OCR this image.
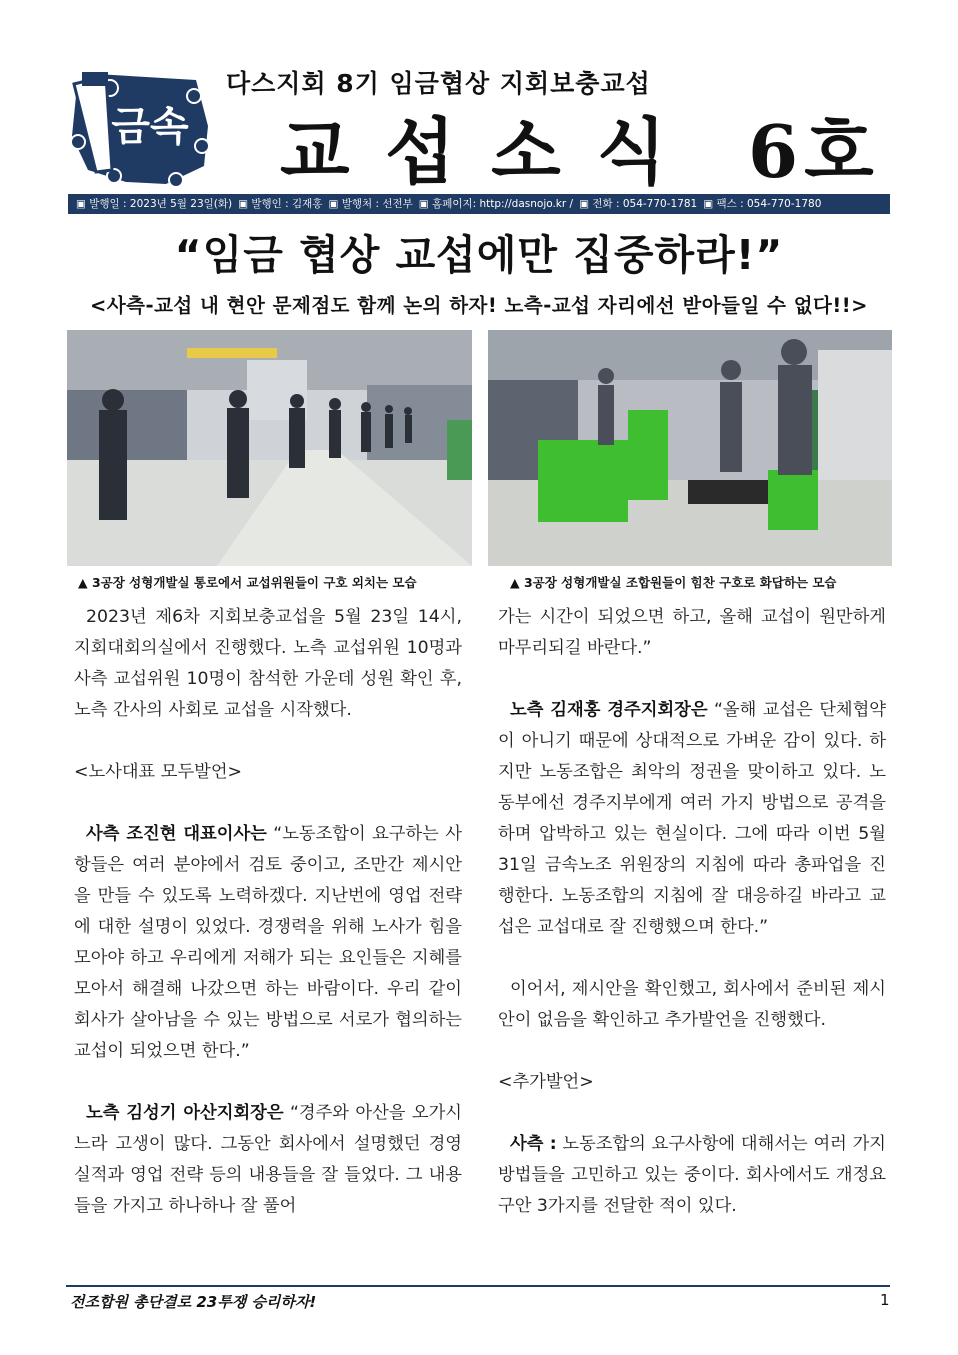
금속
다스지회 8기 임금협상 지회보충교섭
교섭소식 6호
▣ 발행일 : 2023년 5월 23일(화) ▣ 발행인 : 김재홍 ▣ 발행처 : 선전부 ▣ 홈페이지: http://dasnojo.kr / ▣ 전화 : 054-770-1781 ▣ 팩스 : 054-770-1780
“임금 협상 교섭에만 집중하라!”
<사측-교섭 내 현안 문제점도 함께 논의 하자! 노측-교섭 자리에선 받아들일 수 없다!!>
▲ 3공장 성형개발실 통로에서 교섭위원들이 구호 외치는 모습	▲ 3공장 성형개발실 조합원들이 힘찬 구호로 화답하는 모습

2023년 제6차 지회보충교섭을 5월 23일 14시, 지회대회의실에서 진행했다. 노측 교섭위원 10명과 사측 교섭위원 10명이 참석한 가운데 성원 확인 후, 노측 간사의 사회로 교섭을 시작했다.

<노사대표 모두발언>

사측 조진현 대표이사는 “노동조합이 요구하는 사항들은 여러 분야에서 검토 중이고, 조만간 제시안을 만들 수 있도록 노력하겠다. 지난번에 영업 전략에 대한 설명이 있었다. 경쟁력을 위해 노사가 힘을 모아야 하고 우리에게 저해가 되는 요인들은 지혜를 모아서 해결해 나갔으면 하는 바람이다. 우리 같이 회사가 살아남을 수 있는 방법으로 서로가 협의하는 교섭이 되었으면 한다.”

노측 김성기 아산지회장은 “경주와 아산을 오가시느라 고생이 많다. 그동안 회사에서 설명했던 경영실적과 영업 전략 등의 내용들을 잘 들었다. 그 내용들을 가지고 하나하나 잘 풀어

가는 시간이 되었으면 하고, 올해 교섭이 원만하게 마무리되길 바란다.”

노측 김재홍 경주지회장은 “올해 교섭은 단체협약이 아니기 때문에 상대적으로 가벼운 감이 있다. 하지만 노동조합은 최악의 정권을 맞이하고 있다. 노동부에선 경주지부에게 여러 가지 방법으로 공격을 하며 압박하고 있는 현실이다. 그에 따라 이번 5월 31일 금속노조 위원장의 지침에 따라 총파업을 진행한다. 노동조합의 지침에 잘 대응하길 바라고 교섭은 교섭대로 잘 진행했으며 한다.”

이어서, 제시안을 확인했고, 회사에서 준비된 제시안이 없음을 확인하고 추가발언을 진행했다.

<추가발언>

사측 : 노동조합의 요구사항에 대해서는 여러 가지 방법들을 고민하고 있는 중이다. 회사에서도 개정요구안 3가지를 전달한 적이 있다.

전조합원 총단결로 23투쟁 승리하자!	1
